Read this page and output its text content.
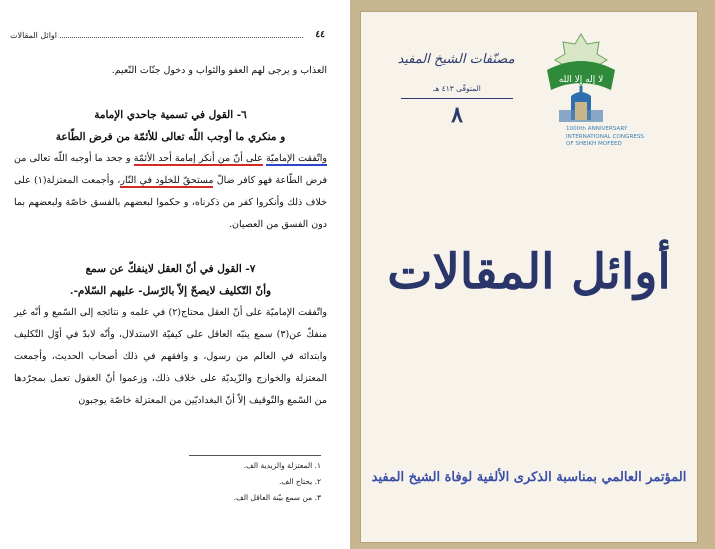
٤٤
اوائل المقالات

العذاب و يرجى لهم العفو والثواب و دخول جنّات النّعيم.

٦- القول في تسمية جاحدي الإمامة

و منكري ما أوجب اللّه تعالى للأئمّة من فرض الطّاعة

واتّفقت الإماميّة على أنّ من أنكر إمامة أحد الأئمّة و جحد ما أوجبه اللّه تعالى من فرض الطّاعة فهو كافر ضالّ مستحقّ للخلود في النّار، وأجمعت المعتزلة(١) على خلاف ذلك وأنكروا كفر من ذكرناه، و حكموا لبعضهم بالفسق خاصّة ولبعضهم بما دون الفسق من العصيان.

٧- القول في أنّ العقل لاينفكّ عن سمع

وأنّ التّكليف لايصحّ إلاّ بالرّسل- عليهم السّلام-.

واتّفقت الإماميّة على أنّ العقل محتاج(٢) في علمه و نتائجه إلى السّمع و أنّه غير منفكّ عن(٣) سمع ينبّه العاقل على كيفيّة الاستدلال، وأنّه لابدّ في أوّل التّكليف وابتدائه في العالم من رسول، و وافقهم في ذلك أصحاب الحديث، وأجمعت المعتزلة والخوارج والزّيديّة على خلاف ذلك، وزعموا أنّ العقول تعمل بمجرّدها من السّمع والتّوقيف إلاّ أنّ البغداديّين من المعتزلة خاصّة يوجبون

١. المعتزلة والزيدية الف.
٢. يحتاج الف.
٣. من سمع بيّنة العاقل الف.
مصنّفات الشيخ المفيد
المتوفّى ٤١٣ هـ
٨
لا إله إلا الله
1000th ANNIVERSARY
INTERNATIONAL CONGRESS
OF SHEIKH MOFEED
أوائل المقالات
المؤتمر العالمي بمناسبة الذكرى الألفية لوفاة الشيخ المفيد
